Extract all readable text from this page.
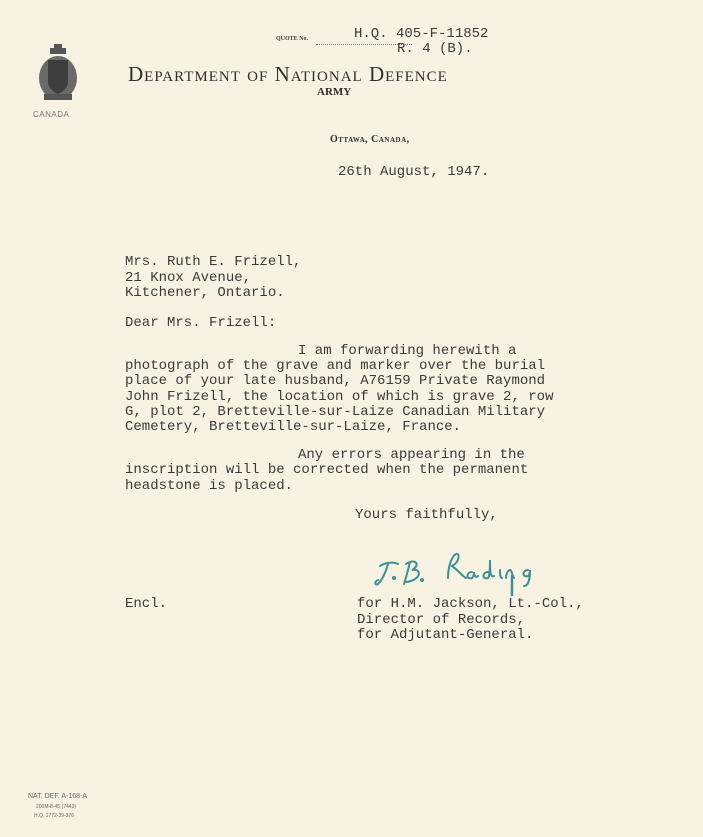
CANADA
QUOTE No.	H.Q. 405-F-11852
R. 4 (B).
Department of National Defence
ARMY
Ottawa, Canada,
26th August, 1947.
Mrs. Ruth E. Frizell,
21 Knox Avenue,
Kitchener, Ontario.
Dear Mrs. Frizell:
I am forwarding herewith a
photograph of the grave and marker over the burial
place of your late husband, A76159 Private Raymond
John Frizell, the location of which is grave 2, row
G, plot 2, Bretteville-sur-Laize Canadian Military
Cemetery, Bretteville-sur-Laize, France.
Any errors appearing in the
inscription will be corrected when the permanent
headstone is placed.
Yours faithfully,
Encl.	for H.M. Jackson, Lt.-Col.,
Director of Records,
for Adjutant-General.
NAT. DEF. A-168-A
200M-8-45 (7443)
H.Q. 1772-39-376
